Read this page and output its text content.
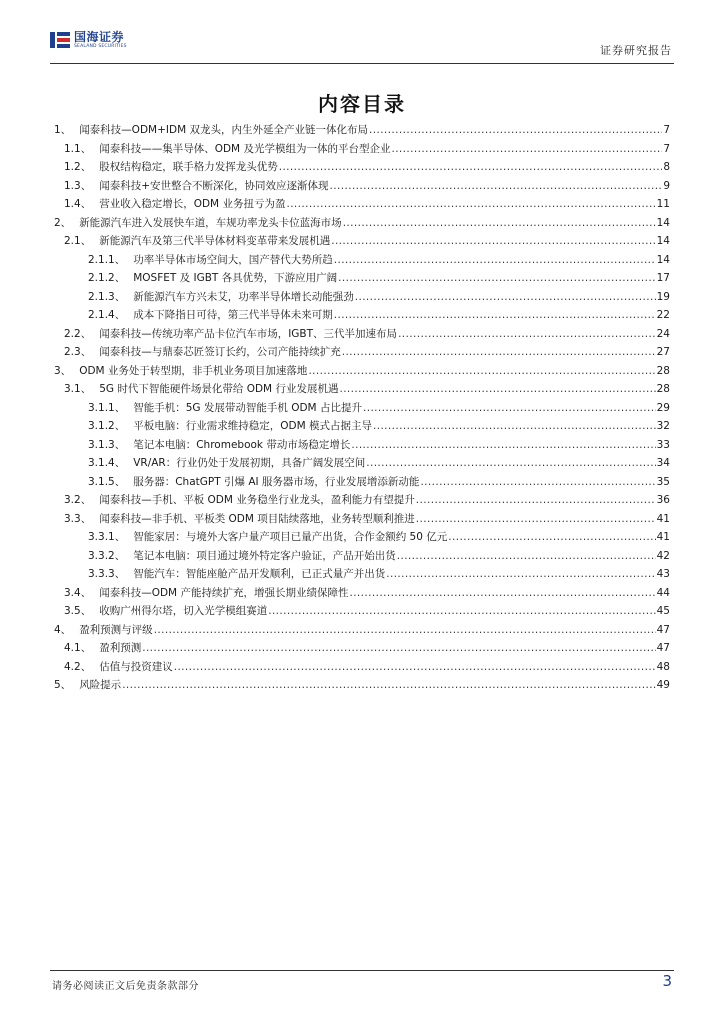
国海证券
SEALAND SECURITIES	证券研究报告
内容目录
1、 闻泰科技—ODM+IDM 双龙头，内生外延全产业链一体化布局 .....	7
1.1、 闻泰科技——集半导体、ODM 及光学模组为一体的平台型企业 .....	7
1.2、 股权结构稳定，联手格力发挥龙头优势 .....	8
1.3、 闻泰科技+安世整合不断深化，协同效应逐渐体现 .....	9
1.4、 营业收入稳定增长，ODM 业务扭亏为盈 .....	11
2、 新能源汽车进入发展快车道，车规功率龙头卡位蓝海市场 .....	14
2.1、 新能源汽车及第三代半导体材料变革带来发展机遇 .....	14
2.1.1、 功率半导体市场空间大，国产替代大势所趋 .....	14
2.1.2、 MOSFET 及 IGBT 各具优势，下游应用广阔 .....	17
2.1.3、 新能源汽车方兴未艾，功率半导体增长动能强劲 .....	19
2.1.4、 成本下降指日可待，第三代半导体未来可期 .....	22
2.2、 闻泰科技—传统功率产品卡位汽车市场，IGBT、三代半加速布局 .....	24
2.3、 闻泰科技—与鼎泰芯匠签订长约，公司产能持续扩充 .....	27
3、 ODM 业务处于转型期，非手机业务项目加速落地 .....	28
3.1、 5G 时代下智能硬件场景化带给 ODM 行业发展机遇 .....	28
3.1.1、 智能手机：5G 发展带动智能手机 ODM 占比提升 .....	29
3.1.2、 平板电脑：行业需求维持稳定，ODM 模式占据主导 .....	32
3.1.3、 笔记本电脑：Chromebook 带动市场稳定增长 .....	33
3.1.4、 VR/AR：行业仍处于发展初期，具备广阔发展空间 .....	34
3.1.5、 服务器：ChatGPT 引爆 AI 服务器市场，行业发展增添新动能 .....	35
3.2、 闻泰科技—手机、平板 ODM 业务稳坐行业龙头，盈利能力有望提升 .....	36
3.3、 闻泰科技—非手机、平板类 ODM 项目陆续落地，业务转型顺利推进 .....	41
3.3.1、 智能家居：与境外大客户量产项目已量产出货，合作金额约 50 亿元 .....	41
3.3.2、 笔记本电脑：项目通过境外特定客户验证，产品开始出货 .....	42
3.3.3、 智能汽车：智能座舱产品开发顺利，已正式量产并出货 .....	43
3.4、 闻泰科技—ODM 产能持续扩充，增强长期业绩保障性 .....	44
3.5、 收购广州得尔塔，切入光学模组赛道 .....	45
4、 盈利预测与评级 .....	47
4.1、 盈利预测 .....	47
4.2、 估值与投资建议 .....	48
5、 风险提示 .....	49
请务必阅读正文后免责条款部分	3
